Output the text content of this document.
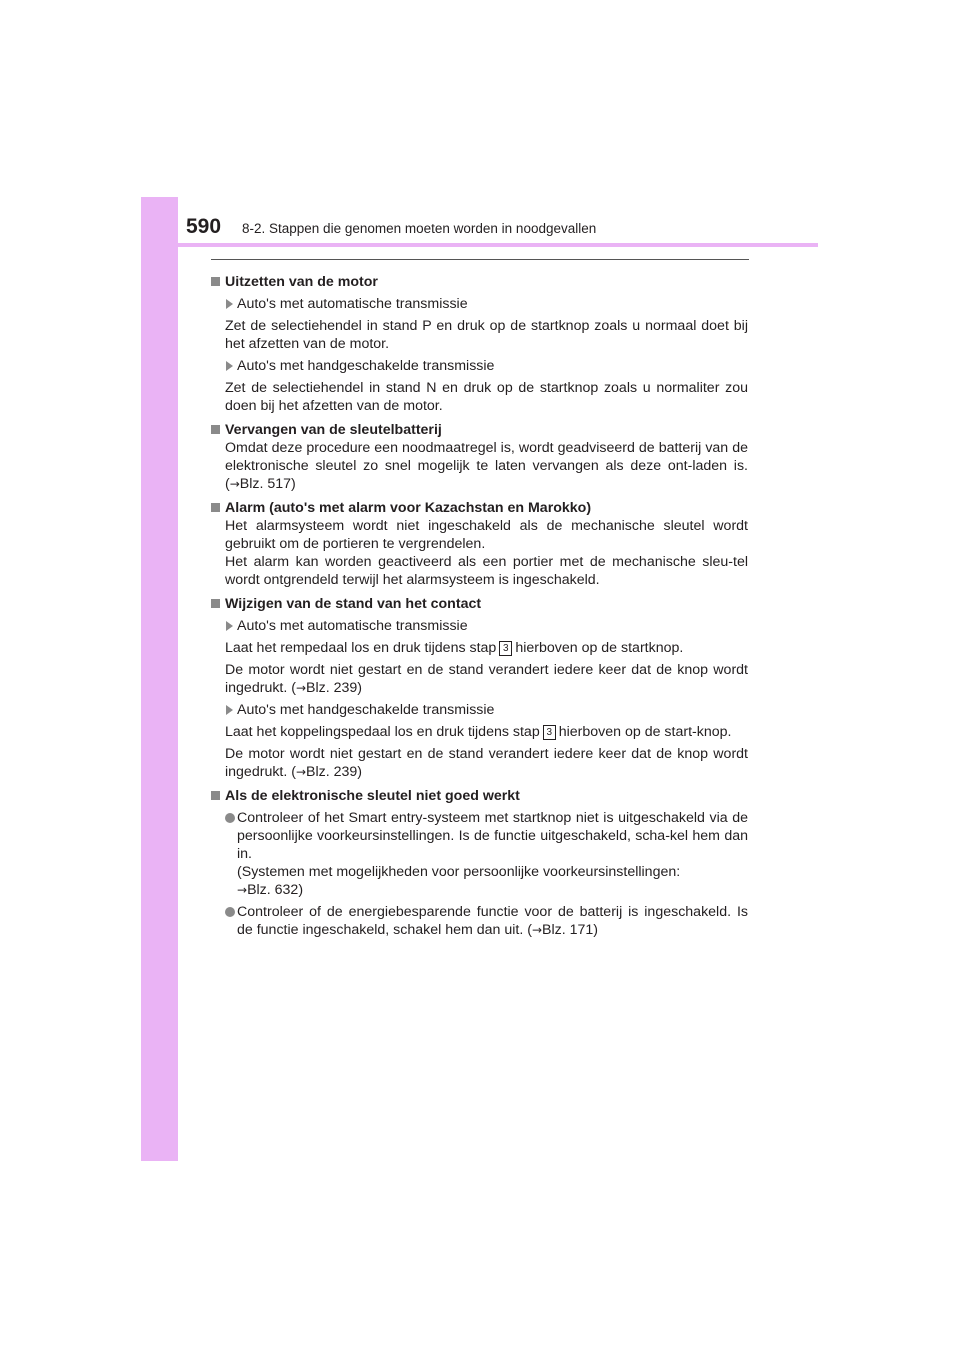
590 8-2. Stappen die genomen moeten worden in noodgevallen
Uitzetten van de motor
Auto's met automatische transmissie
Zet de selectiehendel in stand P en druk op de startknop zoals u normaal doet bij het afzetten van de motor.
Auto's met handgeschakelde transmissie
Zet de selectiehendel in stand N en druk op de startknop zoals u normaliter zou doen bij het afzetten van de motor.
Vervangen van de sleutelbatterij
Omdat deze procedure een noodmaatregel is, wordt geadviseerd de batterij van de elektronische sleutel zo snel mogelijk te laten vervangen als deze ont-laden is. (→Blz. 517)
Alarm (auto's met alarm voor Kazachstan en Marokko)
Het alarmsysteem wordt niet ingeschakeld als de mechanische sleutel wordt gebruikt om de portieren te vergrendelen.
Het alarm kan worden geactiveerd als een portier met de mechanische sleu-tel wordt ontgrendeld terwijl het alarmsysteem is ingeschakeld.
Wijzigen van de stand van het contact
Auto's met automatische transmissie
Laat het rempedaal los en druk tijdens stap 3 hierboven op de startknop.
De motor wordt niet gestart en de stand verandert iedere keer dat de knop wordt ingedrukt. (→Blz. 239)
Auto's met handgeschakelde transmissie
Laat het koppelingspedaal los en druk tijdens stap 3 hierboven op de start-knop.
De motor wordt niet gestart en de stand verandert iedere keer dat de knop wordt ingedrukt. (→Blz. 239)
Als de elektronische sleutel niet goed werkt
Controleer of het Smart entry-systeem met startknop niet is uitgeschakeld via de persoonlijke voorkeursinstellingen. Is de functie uitgeschakeld, scha-kel hem dan in.
(Systemen met mogelijkheden voor persoonlijke voorkeursinstellingen:
→Blz. 632)
Controleer of de energiebesparende functie voor de batterij is ingeschakeld. Is de functie ingeschakeld, schakel hem dan uit. (→Blz. 171)
